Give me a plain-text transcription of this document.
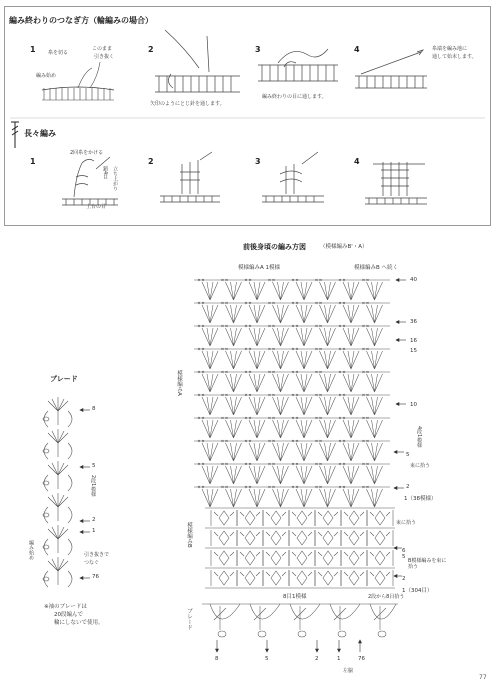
編み終わりのつなぎ方（輪編みの場合）
1	2	3	4
糸を切る
このまま
引き抜く
編み始め
矢印のようにとじ針を通します。
編み終わりの目に通します。
糸端を編み地に
通して始末します。
長々編み
1	2	3	4
2回糸をかける
鎖4目 立ち上がり
土台の目
前後身頃の編み方図	（模様編みB'・A）
模様編みA 1模様	模様編みB へ続く
模様編みA
模様編みB
ブレード
40
36
16
15
10
5
2
1（38模様）
6
5
2
1（304目）
4段1模様
束に拾う
束に拾う
B模様編みを束に拾う
2段から8目拾う
8目1模様
8	5	2	1	76
左脇
ブレード
8
5
2
1
76
2段1模様
編み始め	引き抜きで
つなぐ
※袖のブレードは
20段編んで
輪にしないで使用。
77
